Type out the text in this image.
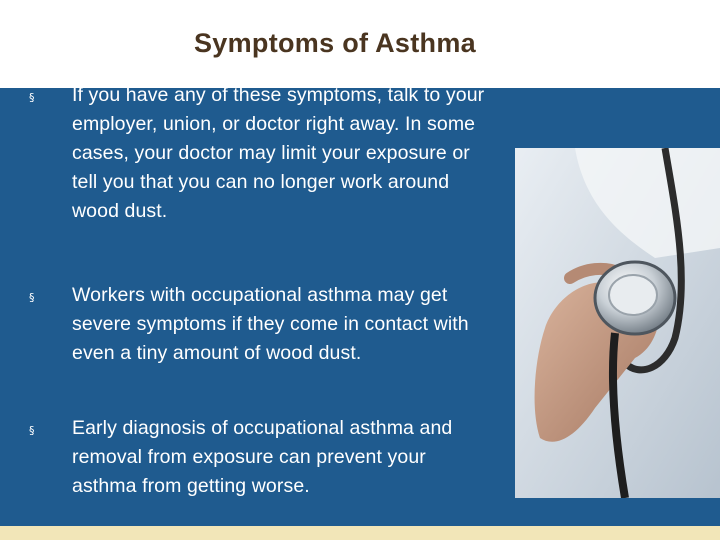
Symptoms of Asthma
§ If you have any of these symptoms, talk to your employer, union, or doctor right away. In some cases, your doctor may limit your exposure or tell you that you can no longer work around wood dust.
§ Workers with occupational asthma may get severe symptoms if they come in contact with even a tiny amount of wood dust.
§ Early diagnosis of occupational asthma and removal from exposure can prevent your asthma from getting worse.
